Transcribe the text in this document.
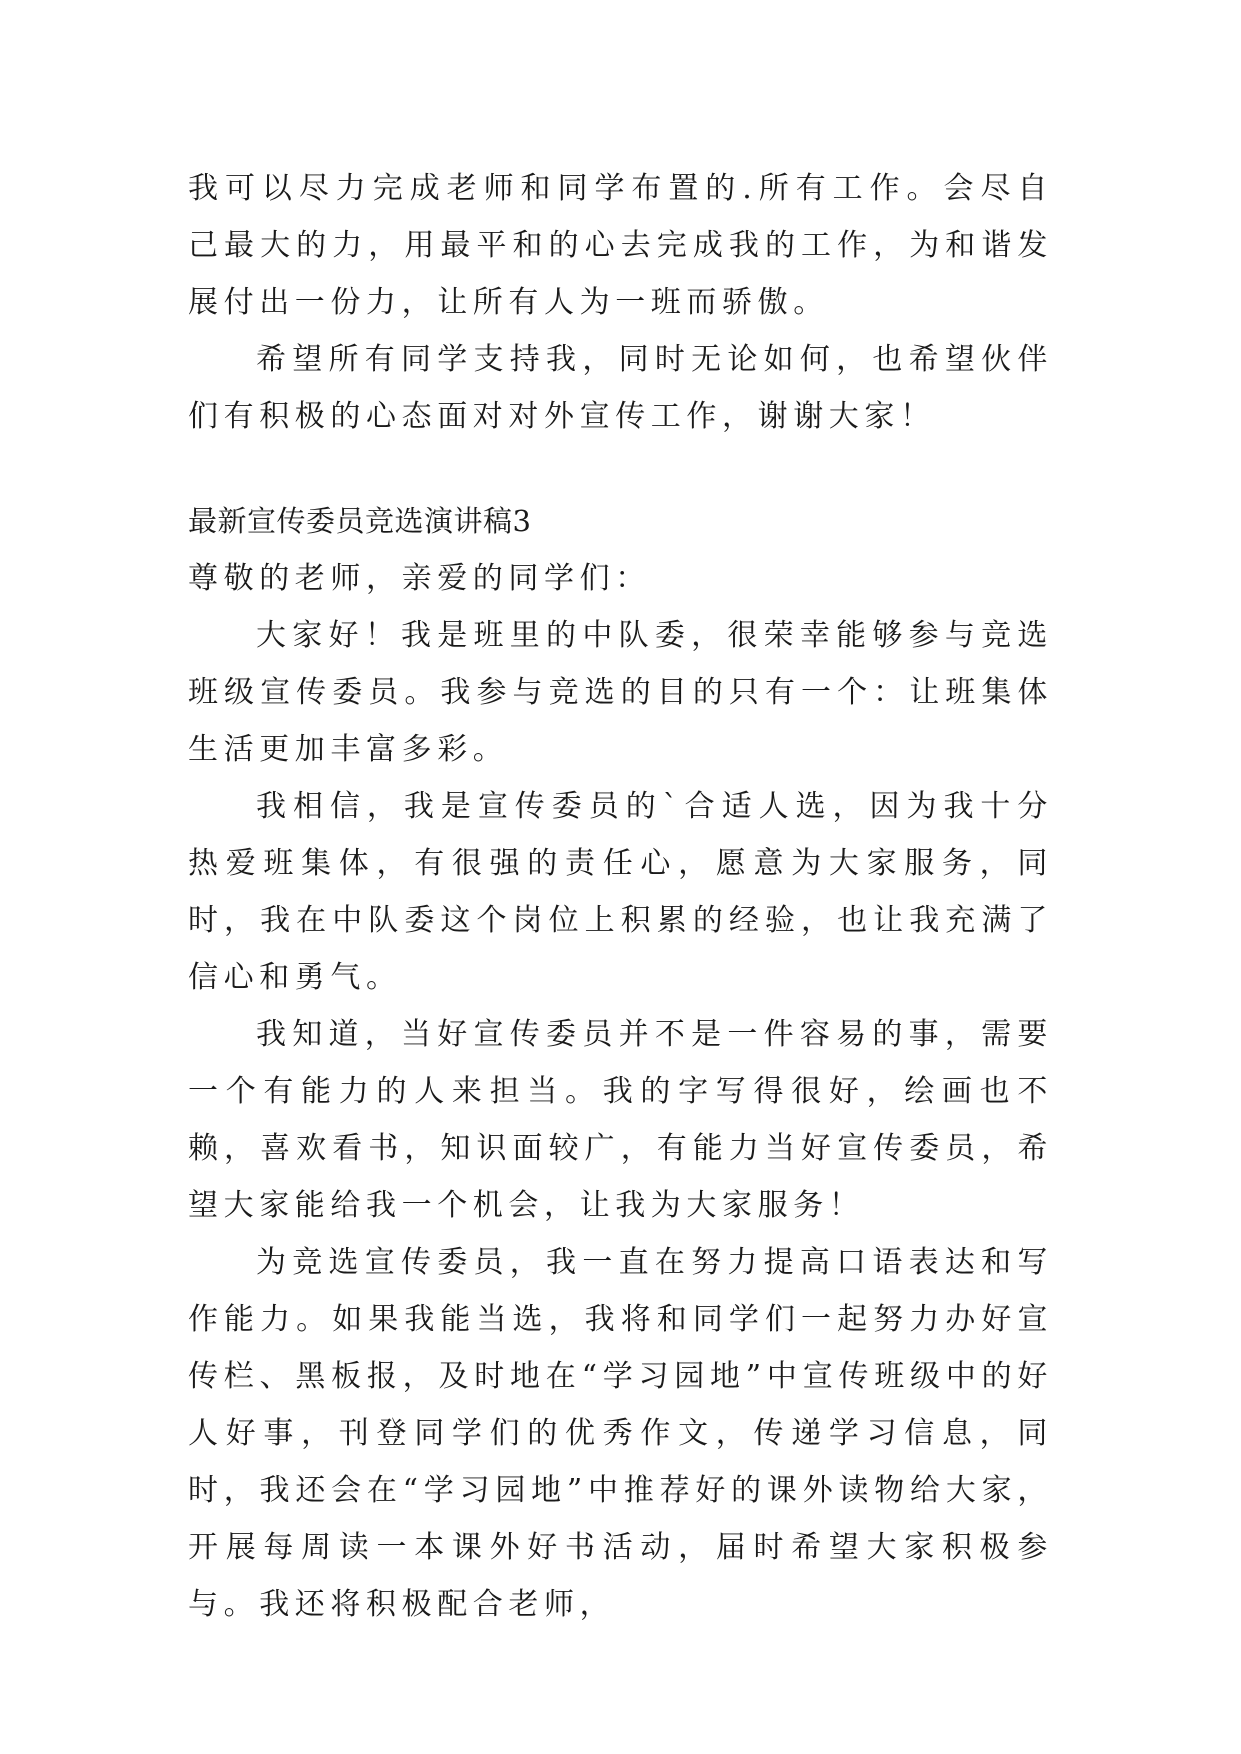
我可以尽力完成老师和同学布置的.所有工作。会尽自己最大的力，用最平和的心去完成我的工作，为和谐发展付出一份力，让所有人为一班而骄傲。

希望所有同学支持我，同时无论如何，也希望伙伴们有积极的心态面对对外宣传工作，谢谢大家！

最新宣传委员竞选演讲稿3

尊敬的老师，亲爱的同学们：

大家好！我是班里的中队委，很荣幸能够参与竞选班级宣传委员。我参与竞选的目的只有一个：让班集体生活更加丰富多彩。

我相信，我是宣传委员的`合适人选，因为我十分热爱班集体，有很强的责任心，愿意为大家服务，同时，我在中队委这个岗位上积累的经验，也让我充满了信心和勇气。

我知道，当好宣传委员并不是一件容易的事，需要一个有能力的人来担当。我的字写得很好，绘画也不赖，喜欢看书，知识面较广，有能力当好宣传委员，希望大家能给我一个机会，让我为大家服务！

为竞选宣传委员，我一直在努力提高口语表达和写作能力。如果我能当选，我将和同学们一起努力办好宣传栏、黑板报，及时地在“学习园地”中宣传班级中的好人好事，刊登同学们的优秀作文，传递学习信息，同时，我还会在“学习园地”中推荐好的课外读物给大家，开展每周读一本课外好书活动，届时希望大家积极参与。我还将积极配合老师，
